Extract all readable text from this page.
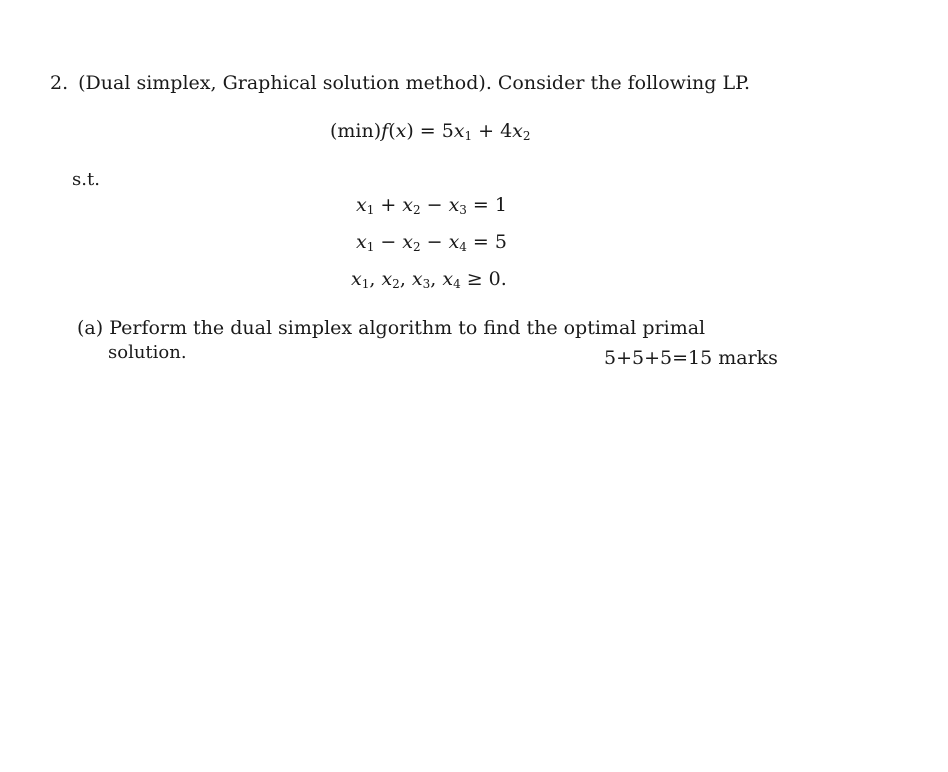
2. (Dual simplex, Graphical solution method). Consider the following LP.
$(\min)f(x) = 5x_1 + 4x_2$
s.t.
$x_1 + x_2 - x_3 = 1$
$x_1 - x_2 - x_4 = 5$
$x_1$, $x_2$, $x_3$, $x_4 \ge 0$.
(a) Perform the dual simplex algorithm to find the optimal primal
solution.	5+5+5=15 marks
